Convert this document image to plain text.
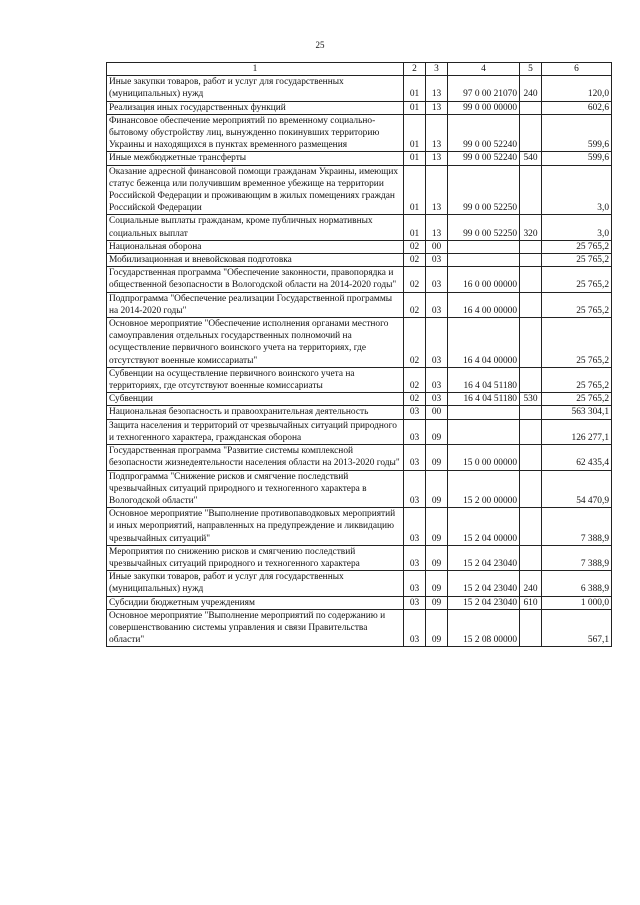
25
1	2	3	4	5	6
Иные закупки товаров, работ и услуг для государственных (муниципальных) нужд	01	13	97 0 00 21070	240	120,0
Реализация иных государственных функций	01	13	99 0 00 00000		602,6
Финансовое обеспечение мероприятий по временному социально-бытовому обустройству лиц, вынужденно покинувших территорию Украины и находящихся в пунктах временного размещения	01	13	99 0 00 52240		599,6
Иные межбюджетные трансферты	01	13	99 0 00 52240	540	599,6
Оказание адресной финансовой помощи гражданам Украины, имеющих статус беженца или получившим временное убежище на территории Российской Федерации и проживающим в жилых помещениях граждан Российской Федерации	01	13	99 0 00 52250		3,0
Социальные выплаты гражданам, кроме публичных нормативных социальных выплат	01	13	99 0 00 52250	320	3,0
Национальная оборона	02	00			25 765,2
Мобилизационная и вневойсковая подготовка	02	03			25 765,2
Государственная программа "Обеспечение законности, правопорядка и общественной безопасности в Вологодской области на 2014-2020 годы"	02	03	16 0 00 00000		25 765,2
Подпрограмма "Обеспечение реализации Государственной программы на 2014-2020 годы"	02	03	16 4 00 00000		25 765,2
Основное мероприятие "Обеспечение исполнения органами местного самоуправления отдельных государственных полномочий на осуществление первичного воинского учета на территориях, где отсутствуют военные комиссариаты"	02	03	16 4 04 00000		25 765,2
Субвенции на осуществление первичного воинского учета на территориях, где отсутствуют военные комиссариаты	02	03	16 4 04 51180		25 765,2
Субвенции	02	03	16 4 04 51180	530	25 765,2
Национальная безопасность и правоохранительная деятельность	03	00			563 304,1
Защита населения и территорий от чрезвычайных ситуаций природного и техногенного характера, гражданская оборона	03	09			126 277,1
Государственная программа "Развитие системы комплексной безопасности жизнедеятельности населения области на 2013-2020 годы"	03	09	15 0 00 00000		62 435,4
Подпрограмма "Снижение рисков и смягчение последствий чрезвычайных ситуаций природного и техногенного характера в Вологодской области"	03	09	15 2 00 00000		54 470,9
Основное мероприятие "Выполнение противопаводковых мероприятий и иных мероприятий, направленных на предупреждение и ликвидацию чрезвычайных ситуаций"	03	09	15 2 04 00000		7 388,9
Мероприятия по снижению рисков и смягчению последствий чрезвычайных ситуаций природного и техногенного характера	03	09	15 2 04 23040		7 388,9
Иные закупки товаров, работ и услуг для государственных (муниципальных) нужд	03	09	15 2 04 23040	240	6 388,9
Субсидии бюджетным учреждениям	03	09	15 2 04 23040	610	1 000,0
Основное мероприятие "Выполнение мероприятий по содержанию и совершенствованию системы управления и связи Правительства области"	03	09	15 2 08 00000		567,1
